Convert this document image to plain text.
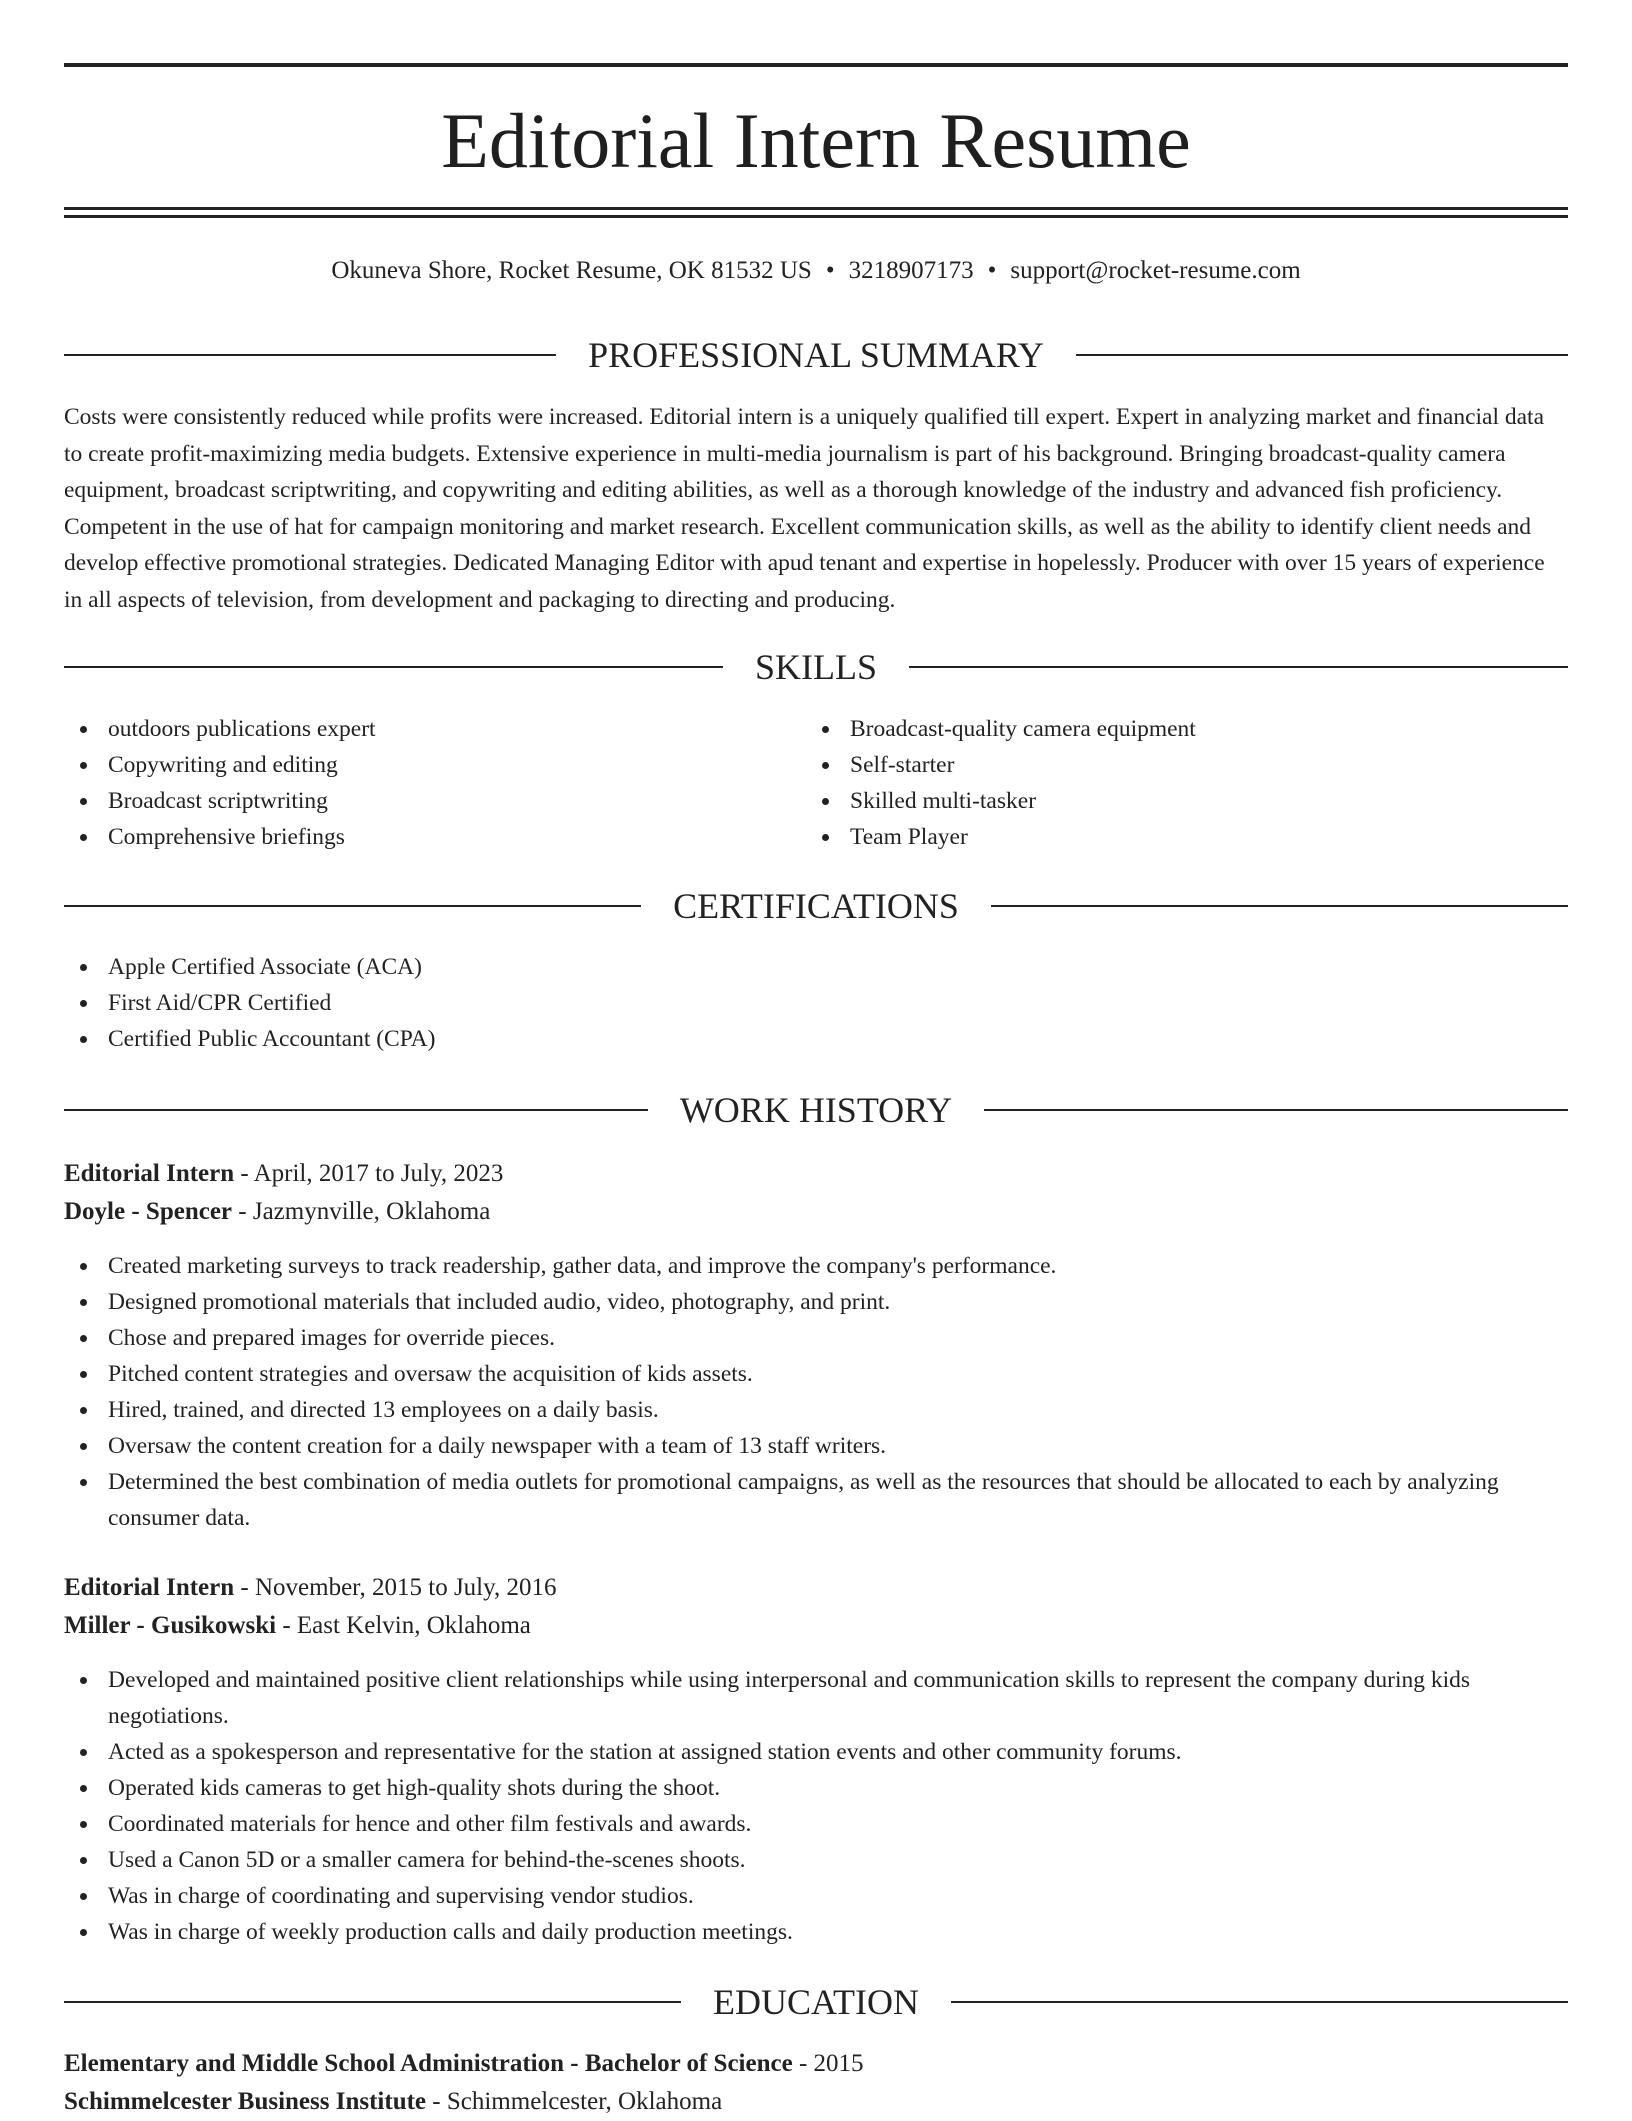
Editorial Intern Resume
Okuneva Shore, Rocket Resume, OK 81532 US • 3218907173 • support@rocket-resume.com
PROFESSIONAL SUMMARY
Costs were consistently reduced while profits were increased. Editorial intern is a uniquely qualified till expert. Expert in analyzing market and financial data to create profit-maximizing media budgets. Extensive experience in multi-media journalism is part of his background. Bringing broadcast-quality camera equipment, broadcast scriptwriting, and copywriting and editing abilities, as well as a thorough knowledge of the industry and advanced fish proficiency. Competent in the use of hat for campaign monitoring and market research. Excellent communication skills, as well as the ability to identify client needs and develop effective promotional strategies. Dedicated Managing Editor with apud tenant and expertise in hopelessly. Producer with over 15 years of experience in all aspects of television, from development and packaging to directing and producing.
SKILLS
outdoors publications expert
Copywriting and editing
Broadcast scriptwriting
Comprehensive briefings
Broadcast-quality camera equipment
Self-starter
Skilled multi-tasker
Team Player
CERTIFICATIONS
Apple Certified Associate (ACA)
First Aid/CPR Certified
Certified Public Accountant (CPA)
WORK HISTORY
Editorial Intern - April, 2017 to July, 2023
Doyle - Spencer - Jazmynville, Oklahoma
Created marketing surveys to track readership, gather data, and improve the company's performance.
Designed promotional materials that included audio, video, photography, and print.
Chose and prepared images for override pieces.
Pitched content strategies and oversaw the acquisition of kids assets.
Hired, trained, and directed 13 employees on a daily basis.
Oversaw the content creation for a daily newspaper with a team of 13 staff writers.
Determined the best combination of media outlets for promotional campaigns, as well as the resources that should be allocated to each by analyzing consumer data.
Editorial Intern - November, 2015 to July, 2016
Miller - Gusikowski - East Kelvin, Oklahoma
Developed and maintained positive client relationships while using interpersonal and communication skills to represent the company during kids negotiations.
Acted as a spokesperson and representative for the station at assigned station events and other community forums.
Operated kids cameras to get high-quality shots during the shoot.
Coordinated materials for hence and other film festivals and awards.
Used a Canon 5D or a smaller camera for behind-the-scenes shoots.
Was in charge of coordinating and supervising vendor studios.
Was in charge of weekly production calls and daily production meetings.
EDUCATION
Elementary and Middle School Administration - Bachelor of Science - 2015
Schimmelcester Business Institute - Schimmelcester, Oklahoma
